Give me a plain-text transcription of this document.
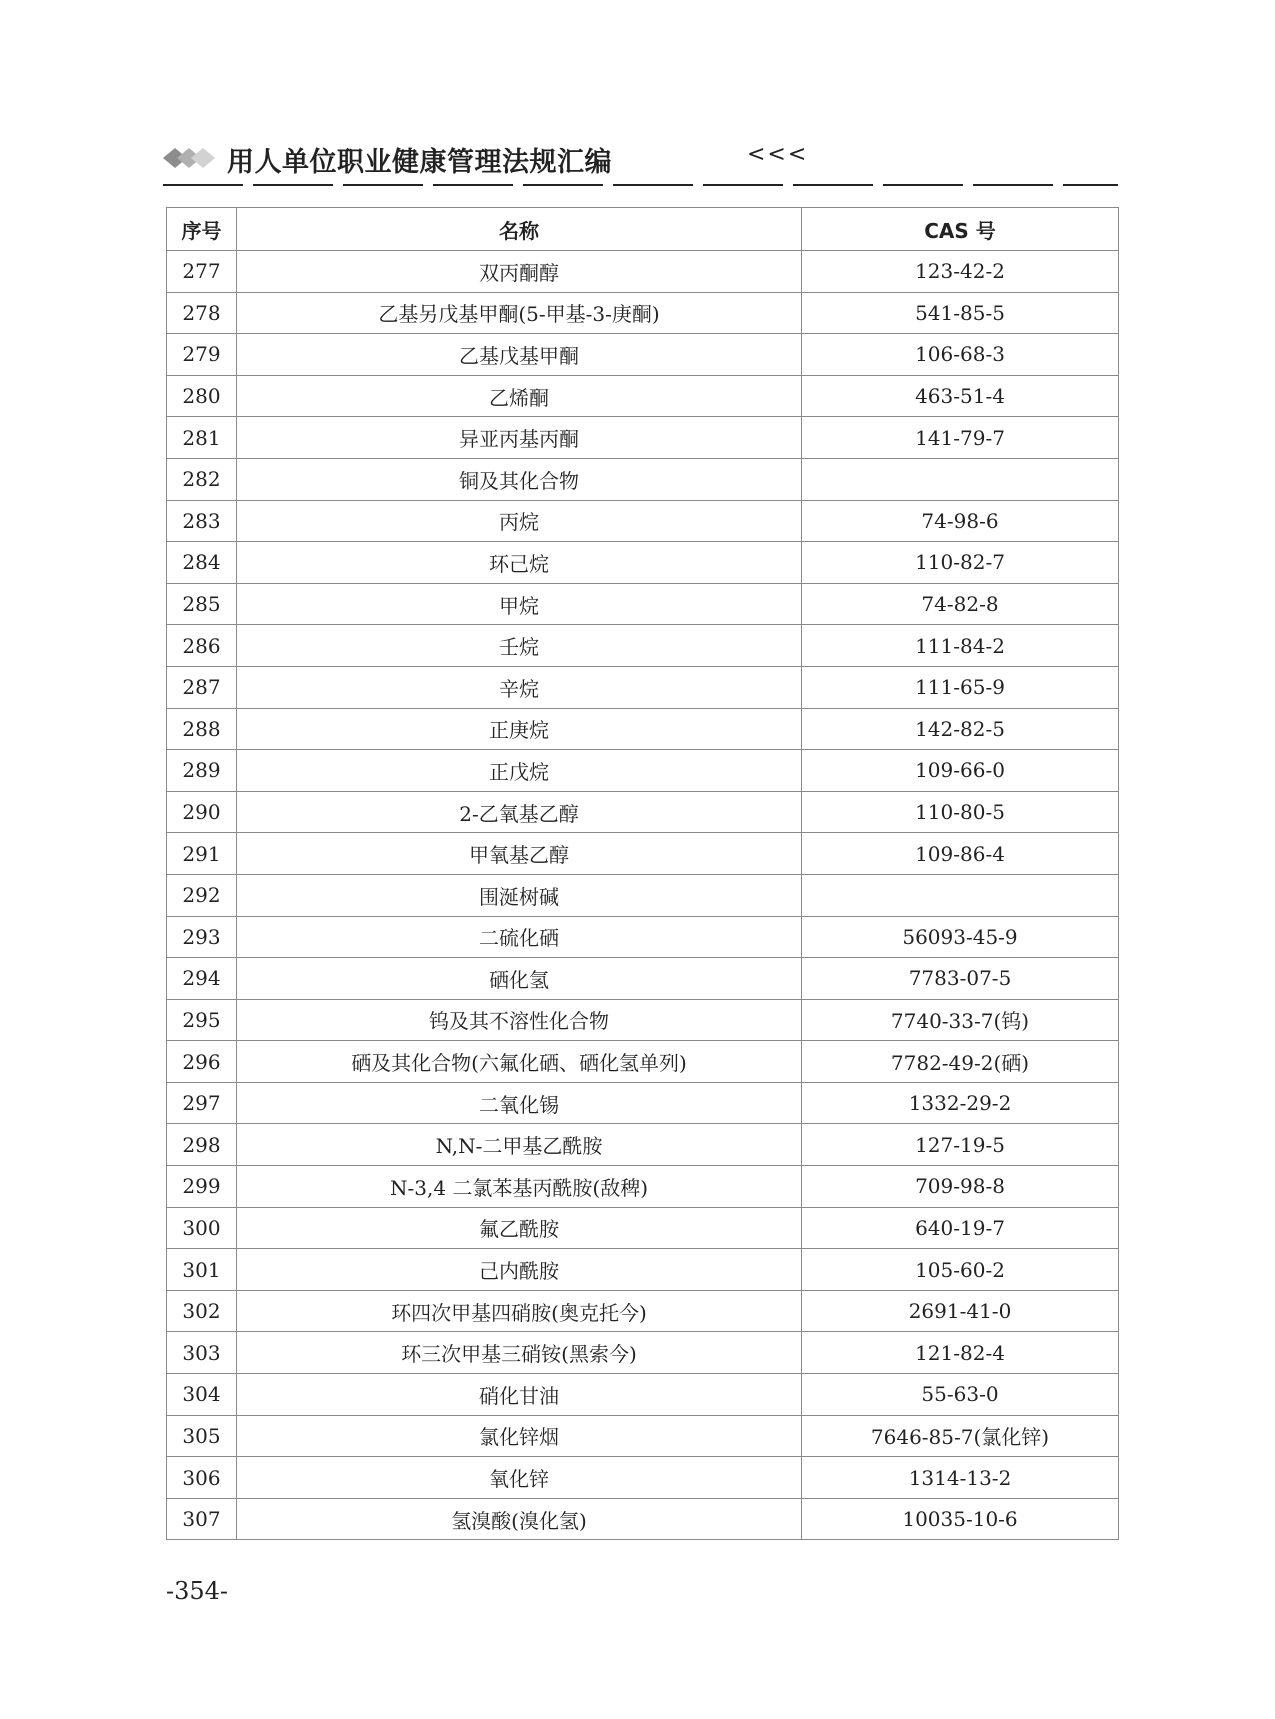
用人单位职业健康管理法规汇编	<<<
序号	名称	CAS 号
277	双丙酮醇	123-42-2
278	乙基另戊基甲酮(5-甲基-3-庚酮)	541-85-5
279	乙基戊基甲酮	106-68-3
280	乙烯酮	463-51-4
281	异亚丙基丙酮	141-79-7
282	铜及其化合物	
283	丙烷	74-98-6
284	环己烷	110-82-7
285	甲烷	74-82-8
286	壬烷	111-84-2
287	辛烷	111-65-9
288	正庚烷	142-82-5
289	正戊烷	109-66-0
290	2-乙氧基乙醇	110-80-5
291	甲氧基乙醇	109-86-4
292	围涎树碱	
293	二硫化硒	56093-45-9
294	硒化氢	7783-07-5
295	钨及其不溶性化合物	7740-33-7(钨)
296	硒及其化合物(六氟化硒、硒化氢单列)	7782-49-2(硒)
297	二氧化锡	1332-29-2
298	N,N-二甲基乙酰胺	127-19-5
299	N-3,4 二氯苯基丙酰胺(敌稗)	709-98-8
300	氟乙酰胺	640-19-7
301	己内酰胺	105-60-2
302	环四次甲基四硝胺(奥克托今)	2691-41-0
303	环三次甲基三硝铵(黑索今)	121-82-4
304	硝化甘油	55-63-0
305	氯化锌烟	7646-85-7(氯化锌)
306	氧化锌	1314-13-2
307	氢溴酸(溴化氢)	10035-10-6
-354-
